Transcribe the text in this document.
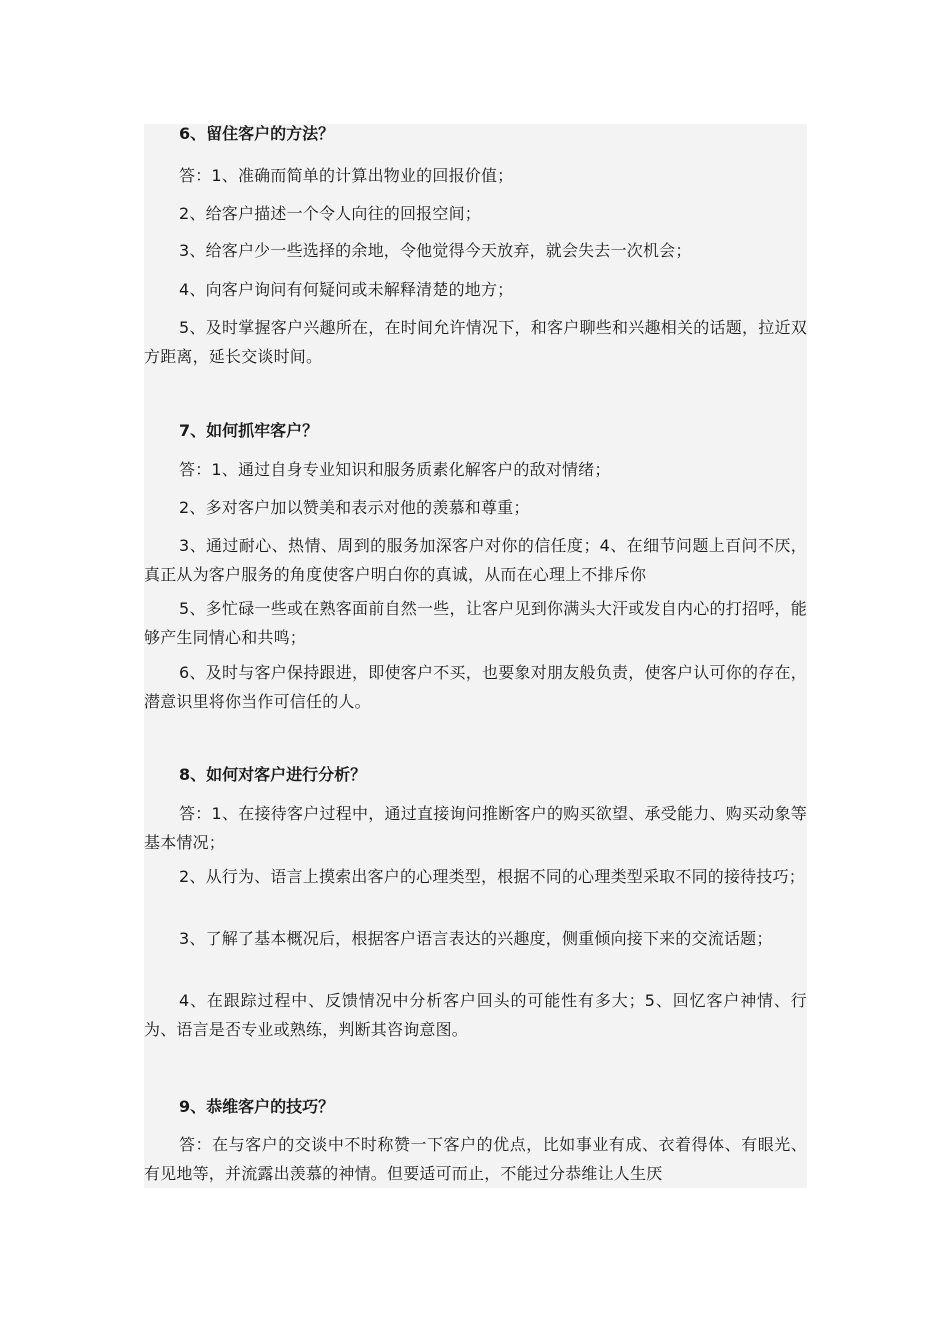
6、留住客户的方法？
答：1、准确而简单的计算出物业的回报价值；
2、给客户描述一个令人向往的回报空间；
3、给客户少一些选择的余地，令他觉得今天放弃，就会失去一次机会；
4、向客户询问有何疑问或未解释清楚的地方；
5、及时掌握客户兴趣所在，在时间允许情况下，和客户聊些和兴趣相关的话题，拉近双方距离，延长交谈时间。
7、如何抓牢客户？
答：1、通过自身专业知识和服务质素化解客户的敌对情绪；
2、多对客户加以赞美和表示对他的羡慕和尊重；
3、通过耐心、热情、周到的服务加深客户对你的信任度；4、在细节问题上百问不厌，真正从为客户服务的角度使客户明白你的真诚，从而在心理上不排斥你
5、多忙碌一些或在熟客面前自然一些，让客户见到你满头大汗或发自内心的打招呼，能够产生同情心和共鸣；
6、及时与客户保持跟进，即使客户不买，也要象对朋友般负责，使客户认可你的存在，潜意识里将你当作可信任的人。
8、如何对客户进行分析？
答：1、在接待客户过程中，通过直接询问推断客户的购买欲望、承受能力、购买动象等基本情况；
2、从行为、语言上摸索出客户的心理类型，根据不同的心理类型采取不同的接待技巧；
3、了解了基本概况后，根据客户语言表达的兴趣度，侧重倾向接下来的交流话题；
4、在跟踪过程中、反馈情况中分析客户回头的可能性有多大；5、回忆客户神情、行为、语言是否专业或熟练，判断其咨询意图。
9、恭维客户的技巧？
答：在与客户的交谈中不时称赞一下客户的优点，比如事业有成、衣着得体、有眼光、有见地等，并流露出羡慕的神情。但要适可而止，不能过分恭维让人生厌
